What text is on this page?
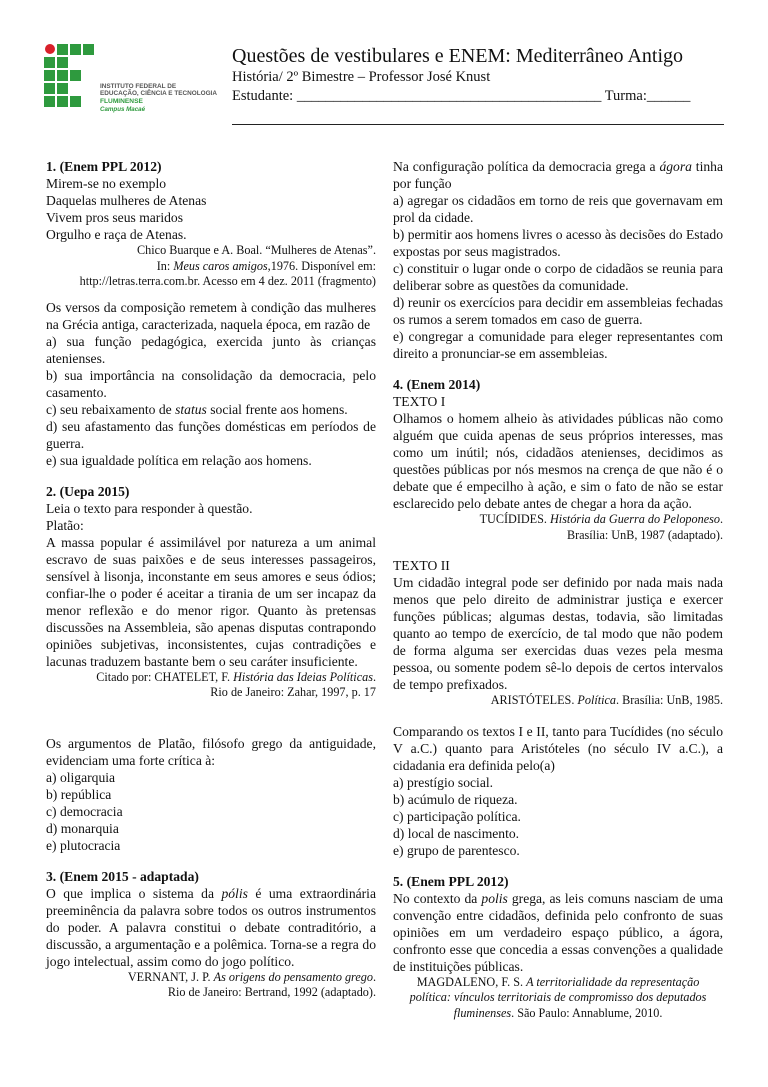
INSTITUTO FEDERAL DE
EDUCAÇÃO, CIÊNCIA E TECNOLOGIA
FLUMINENSE
Campus Macaé

Questões de vestibulares e ENEM: Mediterrâneo Antigo

História/ 2º Bimestre – Professor José Knust

Estudante: __________________________________________ Turma:______

1. (Enem PPL 2012)

Mirem-se no exemplo

Daquelas mulheres de Atenas

Vivem pros seus maridos

Orgulho e raça de Atenas.

Chico Buarque e A. Boal. “Mulheres de Atenas”.

In: Meus caros amigos,1976. Disponível em:

http://letras.terra.com.br. Acesso em 4 dez. 2011 (fragmento)

Os versos da composição remetem à condição das mulheres na Grécia antiga, caracterizada, naquela época, em razão de

a) sua função pedagógica, exercida junto às crianças atenienses.

b) sua importância na consolidação da democracia, pelo casamento.

c) seu rebaixamento de status social frente aos homens.

d) seu afastamento das funções domésticas em períodos de guerra.

e) sua igualdade política em relação aos homens.

2. (Uepa 2015)

Leia o texto para responder à questão.

Platão:

A massa popular é assimilável por natureza a um animal escravo de suas paixões e de seus interesses passageiros, sensível à lisonja, inconstante em seus amores e seus ódios; confiar-lhe o poder é aceitar a tirania de um ser incapaz da menor reflexão e do menor rigor. Quanto às pretensas discussões na Assembleia, são apenas disputas contrapondo opiniões subjetivas, inconsistentes, cujas contradições e lacunas traduzem bastante bem o seu caráter insuficiente.

Citado por: CHATELET, F. História das Ideias Políticas.

Rio de Janeiro: Zahar, 1997, p. 17

Os argumentos de Platão, filósofo grego da antiguidade, evidenciam uma forte crítica à:

a) oligarquia

b) república

c) democracia

d) monarquia

e) plutocracia

3. (Enem 2015 - adaptada)

O que implica o sistema da pólis é uma extraordinária preeminência da palavra sobre todos os outros instrumentos do poder. A palavra constitui o debate contraditório, a discussão, a argumentação e a polêmica. Torna-se a regra do jogo intelectual, assim como do jogo político.

VERNANT, J. P. As origens do pensamento grego.

Rio de Janeiro: Bertrand, 1992 (adaptado).

Na configuração política da democracia grega a ágora tinha por função

a) agregar os cidadãos em torno de reis que governavam em prol da cidade.

b) permitir aos homens livres o acesso às decisões do Estado expostas por seus magistrados.

c) constituir o lugar onde o corpo de cidadãos se reunia para deliberar sobre as questões da comunidade.

d) reunir os exercícios para decidir em assembleias fechadas os rumos a serem tomados em caso de guerra.

e) congregar a comunidade para eleger representantes com direito a pronunciar-se em assembleias.

4. (Enem 2014)

TEXTO I

Olhamos o homem alheio às atividades públicas não como alguém que cuida apenas de seus próprios interesses, mas como um inútil; nós, cidadãos atenienses, decidimos as questões públicas por nós mesmos na crença de que não é o debate que é empecilho à ação, e sim o fato de não se estar esclarecido pelo debate antes de chegar a hora da ação.

TUCÍDIDES. História da Guerra do Peloponeso.

Brasília: UnB, 1987 (adaptado).

TEXTO II

Um cidadão integral pode ser definido por nada mais nada menos que pelo direito de administrar justiça e exercer funções públicas; algumas destas, todavia, são limitadas quanto ao tempo de exercício, de tal modo que não podem de forma alguma ser exercidas duas vezes pela mesma pessoa, ou somente podem sê-lo depois de certos intervalos de tempo prefixados.

ARISTÓTELES. Política. Brasília: UnB, 1985.

Comparando os textos I e II, tanto para Tucídides (no século V a.C.) quanto para Aristóteles (no século IV a.C.), a cidadania era definida pelo(a)

a) prestígio social.

b) acúmulo de riqueza.

c) participação política.

d) local de nascimento.

e) grupo de parentesco.

5. (Enem PPL 2012)

No contexto da polis grega, as leis comuns nasciam de uma convenção entre cidadãos, definida pelo confronto de suas opiniões em um verdadeiro espaço público, a ágora, confronto esse que concedia a essas convenções a qualidade de instituições públicas.

MAGDALENO, F. S. A territorialidade da representação

política: vínculos territoriais de compromisso dos deputados

fluminenses. São Paulo: Annablume, 2010.
